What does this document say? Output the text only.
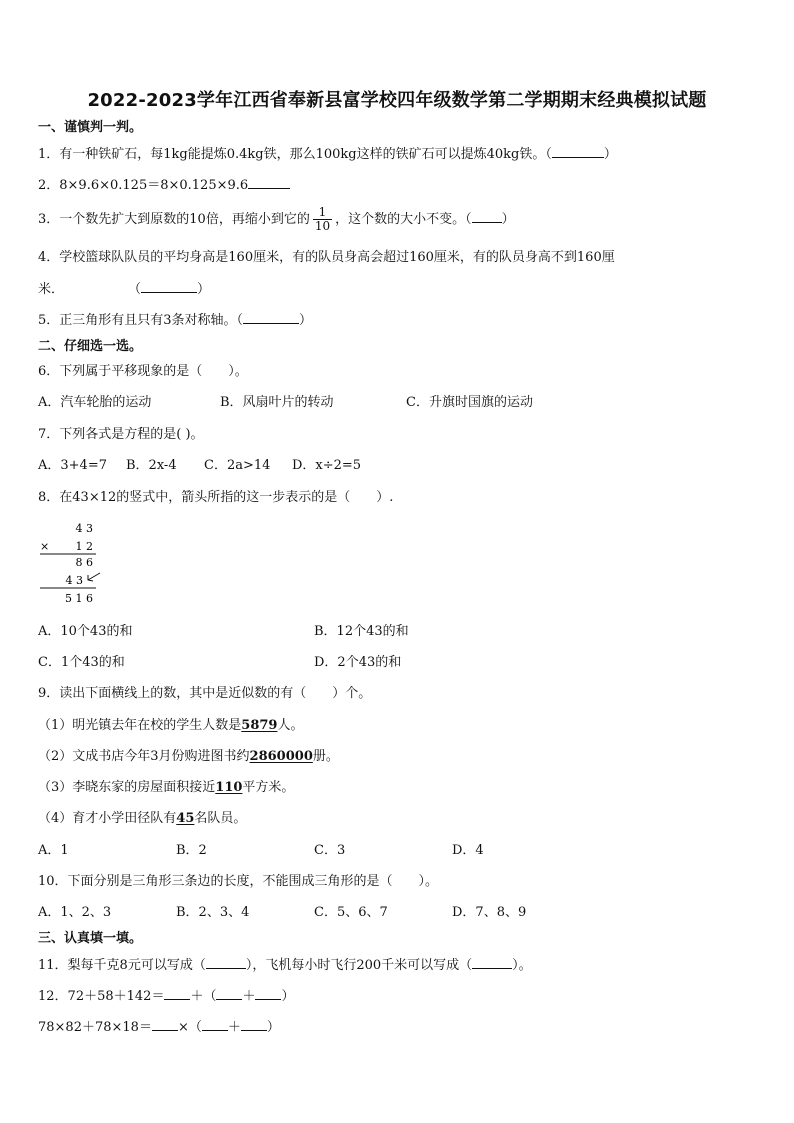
2022-2023学年江西省奉新县富学校四年级数学第二学期期末经典模拟试题
一、谨慎判一判。
1．有一种铁矿石，每1kg能提炼0.4kg铁，那么100kg这样的铁矿石可以提炼40kg铁。（	）
2．8×9.6×0.125＝8×0.125×9.6
3．一个数先扩大到原数的10倍，再缩小到它的 $\frac{1}{10}$ ，这个数的大小不变。（ ）
4．学校篮球队队员的平均身高是160厘米，有的队员身高会超过160厘米，有的队员身高不到160厘
米．	（	）
5．正三角形有且只有3条对称轴。（	）
二、仔细选一选。
6．下列属于平移现象的是（　　）。
A．汽车轮胎的运动	B．风扇叶片的转动	C．升旗时国旗的运动
7．下列各式是方程的是( )。
A．3+4=7 B．2x-4 C．2a>14 D．x÷2=5
8．在43×12的竖式中，箭头所指的这一步表示的是（　　）.
4 3
× 1 2
8 6
4 3
5 1 6
A．10个43的和	B．12个43的和
C．1个43的和	D．2个43的和
9．读出下面横线上的数，其中是近似数的有（　　）个。
（1）明光镇去年在校的学生人数是5879人。
（2）文成书店今年3月份购进图书约2860000册。
（3）李晓东家的房屋面积接近110平方米。
（4）育才小学田径队有45名队员。
A．1	B．2	C．3	D．4
10．下面分别是三角形三条边的长度，不能围成三角形的是（　　）。
A．1、2、3	B．2、3、4	C．5、6、7	D．7、8、9
三、认真填一填。
11．梨每千克8元可以写成（	），飞机每小时飞行200千米可以写成（	）。
12．72＋58＋142＝ ＋（ ＋ ）
78×82＋78×18＝ ×（ ＋ ）
